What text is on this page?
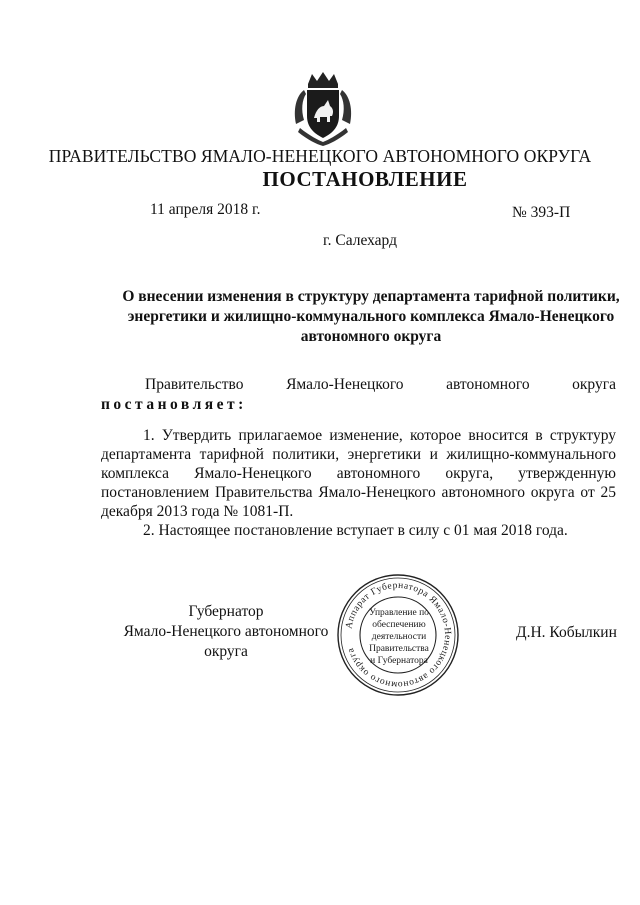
ПРАВИТЕЛЬСТВО ЯМАЛО-НЕНЕЦКОГО АВТОНОМНОГО ОКРУГА
ПОСТАНОВЛЕНИЕ
11 апреля 2018 г.	№ 393-П
г. Салехард
О внесении изменения в структуру департамента тарифной политики,
энергетики и жилищно-коммунального комплекса Ямало-Ненецкого
автономного округа
Правительство	Ямало-Ненецкого	автономного	округа
постановляет:

1. Утвердить прилагаемое изменение, которое вносится в структуру департамента тарифной политики, энергетики и жилищно-коммунального комплекса Ямало-Ненецкого автономного округа, утвержденную постановлением Правительства Ямало-Ненецкого автономного округа от 25 декабря 2013 года № 1081-П.

2. Настоящее постановление вступает в силу с 01 мая 2018 года.

Губернатор
Ямало-Ненецкого автономного округа
Аппарат Губернатора Ямало-Ненецкого автономного округа
Управление по
обеспечению
деятельности
Правительства
и Губернатора
Д.Н. Кобылкин
